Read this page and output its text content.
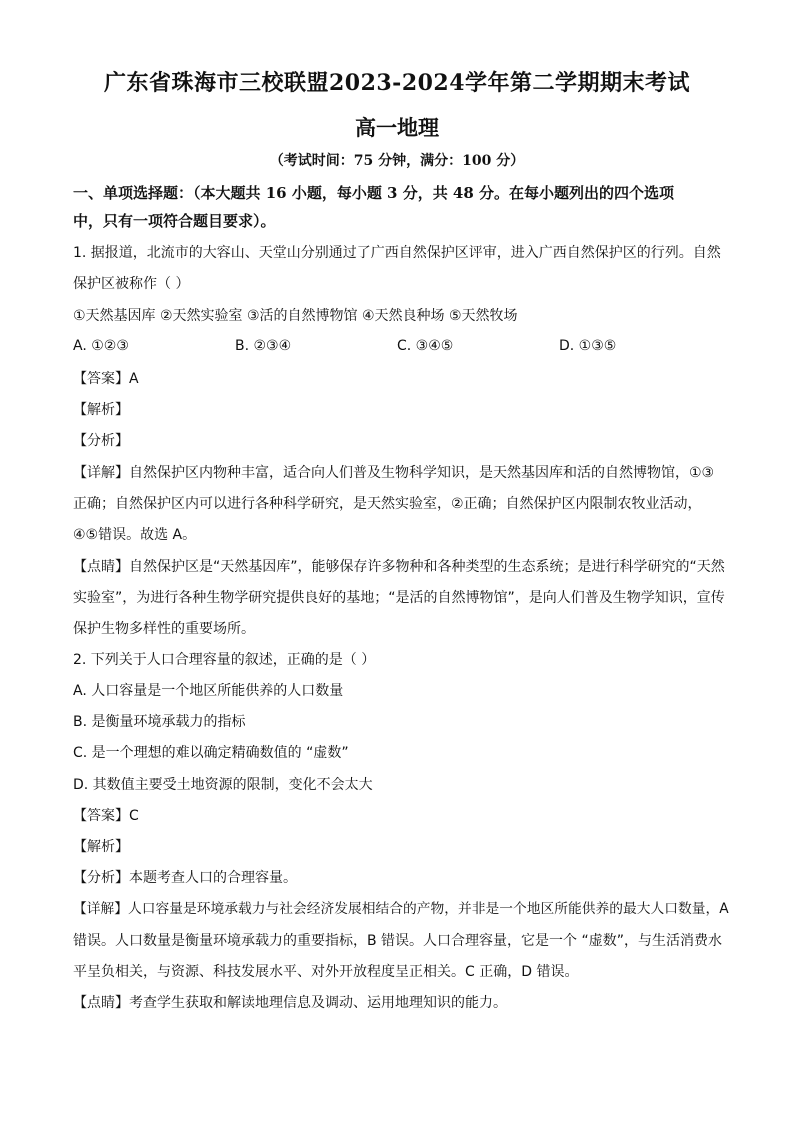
广东省珠海市三校联盟2023-2024学年第二学期期末考试
高一地理
（考试时间：75 分钟，满分：100 分）

一、单项选择题：（本大题共 16 小题，每小题 3 分，共 48 分。在每小题列出的四个选项

中，只有一项符合题目要求）。

1. 据报道，北流市的大容山、天堂山分别通过了广西自然保护区评审，进入广西自然保护区的行列。自然

保护区被称作（ ）

①天然基因库 ②天然实验室 ③活的自然博物馆 ④天然良种场 ⑤天然牧场

A. ①②③	B. ②③④	C. ③④⑤	D. ①③⑤

【答案】A

【解析】

【分析】

【详解】自然保护区内物种丰富，适合向人们普及生物科学知识，是天然基因库和活的自然博物馆，①③

正确；自然保护区内可以进行各种科学研究，是天然实验室，②正确；自然保护区内限制农牧业活动，

④⑤错误。故选 A。

【点睛】自然保护区是“天然基因库”，能够保存许多物种和各种类型的生态系统；是进行科学研究的“天然

实验室”，为进行各种生物学研究提供良好的基地；“是活的自然博物馆”，是向人们普及生物学知识，宣传

保护生物多样性的重要场所。

2. 下列关于人口合理容量的叙述，正确的是（ ）

A. 人口容量是一个地区所能供养的人口数量

B. 是衡量环境承载力的指标

C. 是一个理想的难以确定精确数值的 “虚数”

D. 其数值主要受土地资源的限制，变化不会太大

【答案】C

【解析】

【分析】本题考查人口的合理容量。

【详解】人口容量是环境承载力与社会经济发展相结合的产物，并非是一个地区所能供养的最大人口数量，A

错误。人口数量是衡量环境承载力的重要指标，B 错误。人口合理容量，它是一个 “虚数”，与生活消费水

平呈负相关，与资源、科技发展水平、对外开放程度呈正相关。C 正确，D 错误。

【点睛】考查学生获取和解读地理信息及调动、运用地理知识的能力。
